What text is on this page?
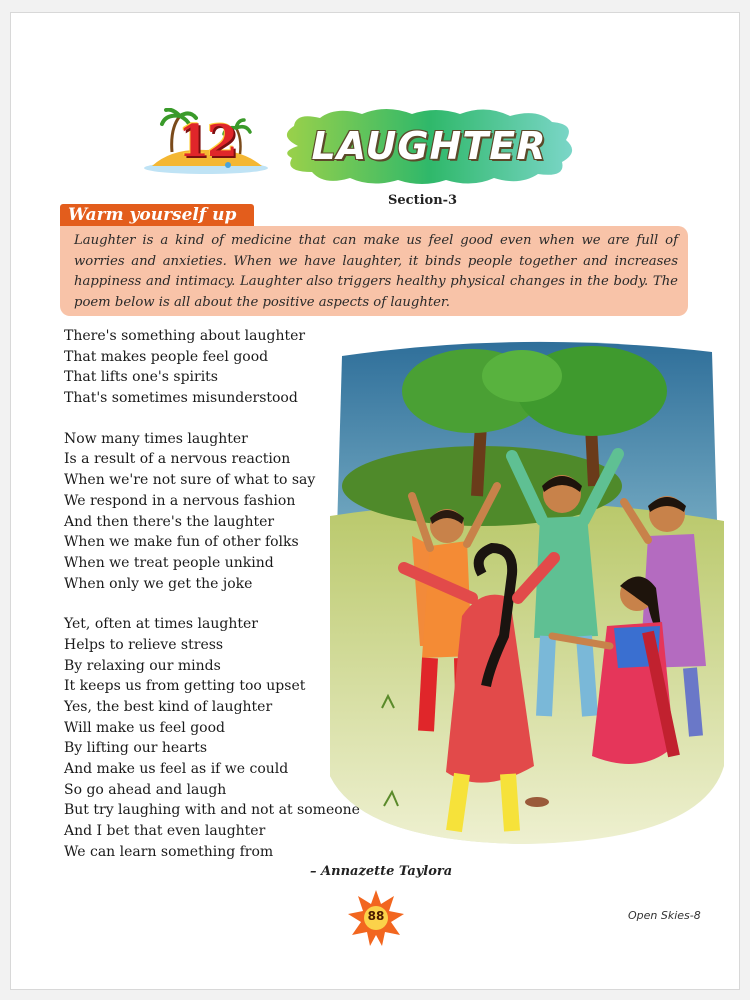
12	LAUGHTER
Section-3
Warm yourself up
Laughter is a kind of medicine that can make us feel good even when we are full of worries and anxieties. When we have laughter, it binds people together and increases happiness and intimacy. Laughter also triggers healthy physical changes in the body. The poem below is all about the positive aspects of laughter.
There's something about laughter
That makes people feel good
That lifts one's spirits
That's sometimes misunderstood
Now many times laughter
Is a result of a nervous reaction
When we're not sure of what to say
We respond in a nervous fashion
And then there's the laughter
When we make fun of other folks
When we treat people unkind
When only we get the joke
Yet, often at times laughter
Helps to relieve stress
By relaxing our minds
It keeps us from getting too upset
Yes, the best kind of laughter
Will make us feel good
By lifting our hearts
And make us feel as if we could
So go ahead and laugh
But try laughing with and not at someone
And I bet that even laughter
We can learn something from
– Annazette Taylora
88	Open Skies-8
